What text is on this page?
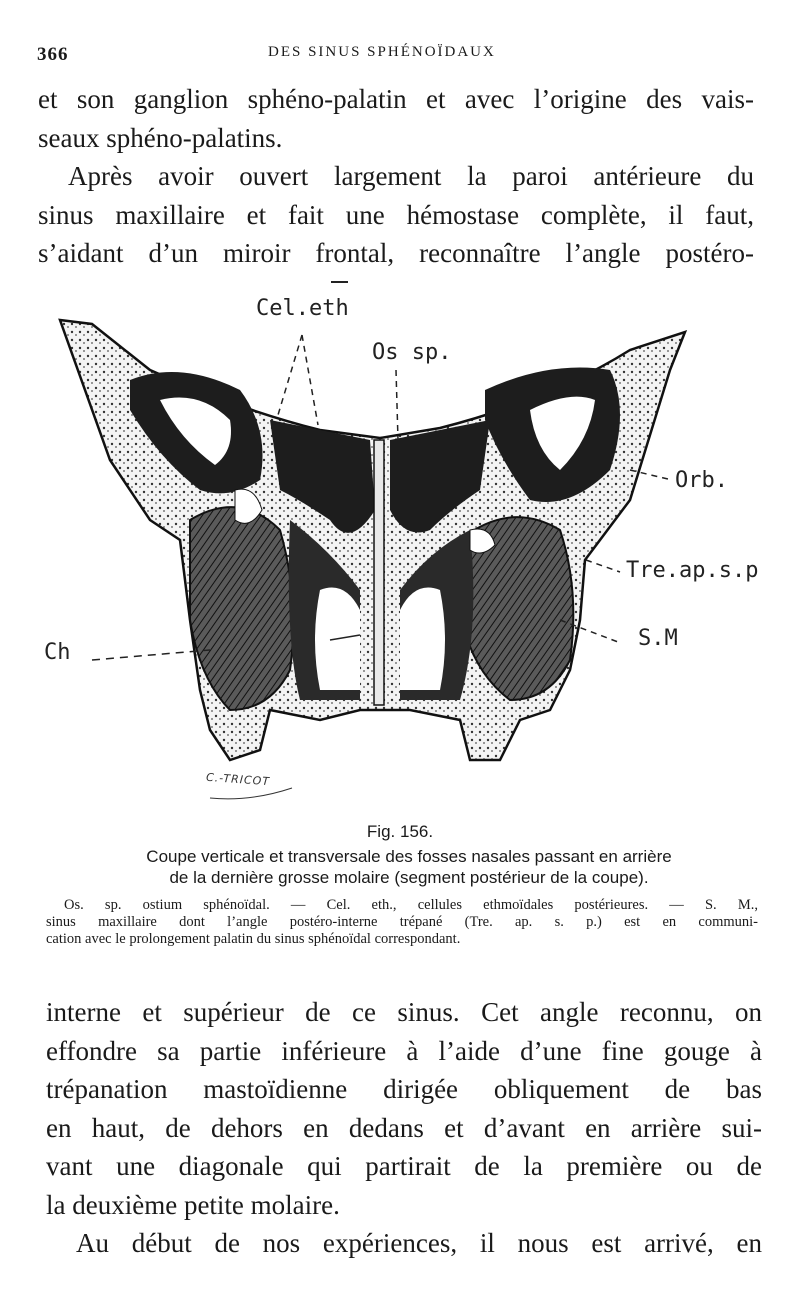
366	DES SINUS SPHÉNOÏDAUX
et son ganglion sphéno-palatin et avec l’origine des vais-
seaux sphéno-palatins.
Après avoir ouvert largement la paroi antérieure du
sinus maxillaire et fait une hémostase complète, il faut,
s’aidant d’un miroir frontal, reconnaître l’angle postéro-
Cel.eth
Os sp.
Orb.
Tre.ap.s.p
S.M
Ch
C.-TRICOT
Fig. 156.
Coupe verticale et transversale des fosses nasales passant en arrière
de la dernière grosse molaire (segment postérieur de la coupe).
Os. sp. ostium sphénoïdal. — Cel. eth., cellules ethmoïdales postérieures. — S. M.,
sinus maxillaire dont l’angle postéro-interne trépané (Tre. ap. s. p.) est en communi-
cation avec le prolongement palatin du sinus sphénoïdal correspondant.
interne et supérieur de ce sinus. Cet angle reconnu, on
effondre sa partie inférieure à l’aide d’une fine gouge à
trépanation mastoïdienne dirigée obliquement de bas
en haut, de dehors en dedans et d’avant en arrière sui-
vant une diagonale qui partirait de la première ou de
la deuxième petite molaire.
Au début de nos expériences, il nous est arrivé, en
